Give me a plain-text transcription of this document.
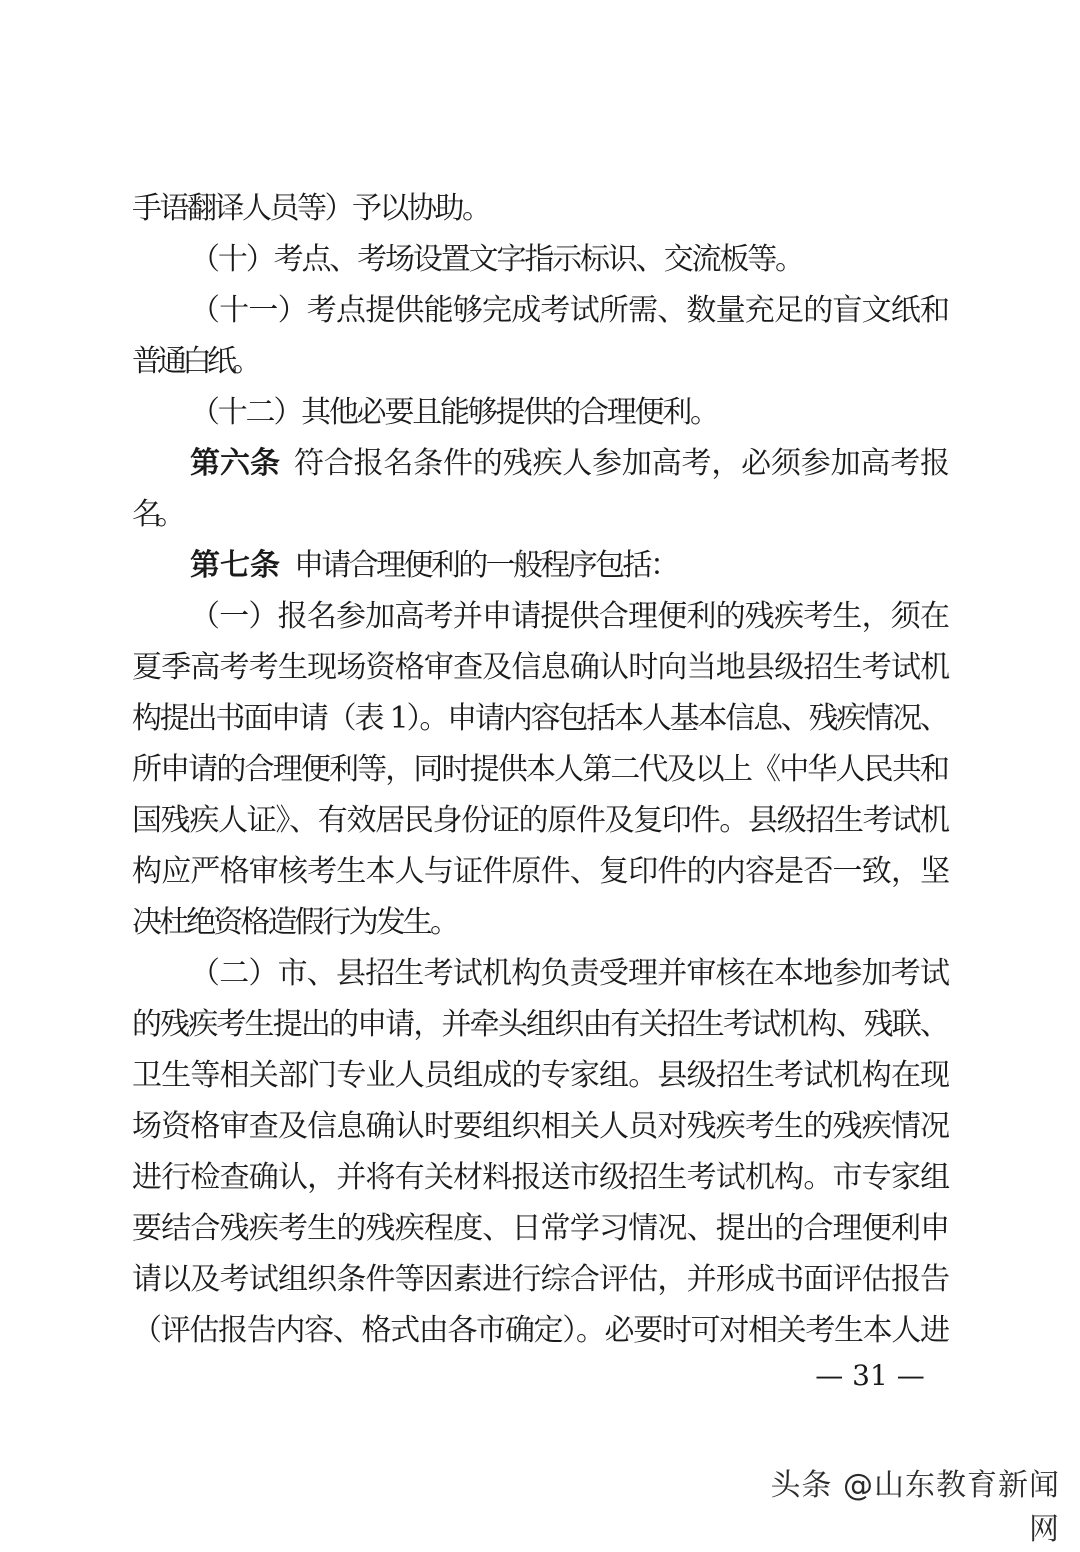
手语翻译人员等）予以协助。
（十）考点、考场设置文字指示标识、交流板等。
（十一）考点提供能够完成考试所需、数量充足的盲文纸和
普通白纸。
（十二）其他必要且能够提供的合理便利。
第六条 符合报名条件的残疾人参加高考，必须参加高考报
名。
第七条 申请合理便利的一般程序包括：
（一）报名参加高考并申请提供合理便利的残疾考生，须在
夏季高考考生现场资格审查及信息确认时向当地县级招生考试机
构提出书面申请（表 1）。申请内容包括本人基本信息、残疾情况、
所申请的合理便利等，同时提供本人第二代及以上《中华人民共和
国残疾人证》、有效居民身份证的原件及复印件。县级招生考试机
构应严格审核考生本人与证件原件、复印件的内容是否一致，坚
决杜绝资格造假行为发生。
（二）市、县招生考试机构负责受理并审核在本地参加考试
的残疾考生提出的申请，并牵头组织由有关招生考试机构、残联、
卫生等相关部门专业人员组成的专家组。县级招生考试机构在现
场资格审查及信息确认时要组织相关人员对残疾考生的残疾情况
进行检查确认，并将有关材料报送市级招生考试机构。市专家组
要结合残疾考生的残疾程度、日常学习情况、提出的合理便利申
请以及考试组织条件等因素进行综合评估，并形成书面评估报告
（评估报告内容、格式由各市确定）。必要时可对相关考生本人进
— 31 —
头条 @山东教育新闻网
